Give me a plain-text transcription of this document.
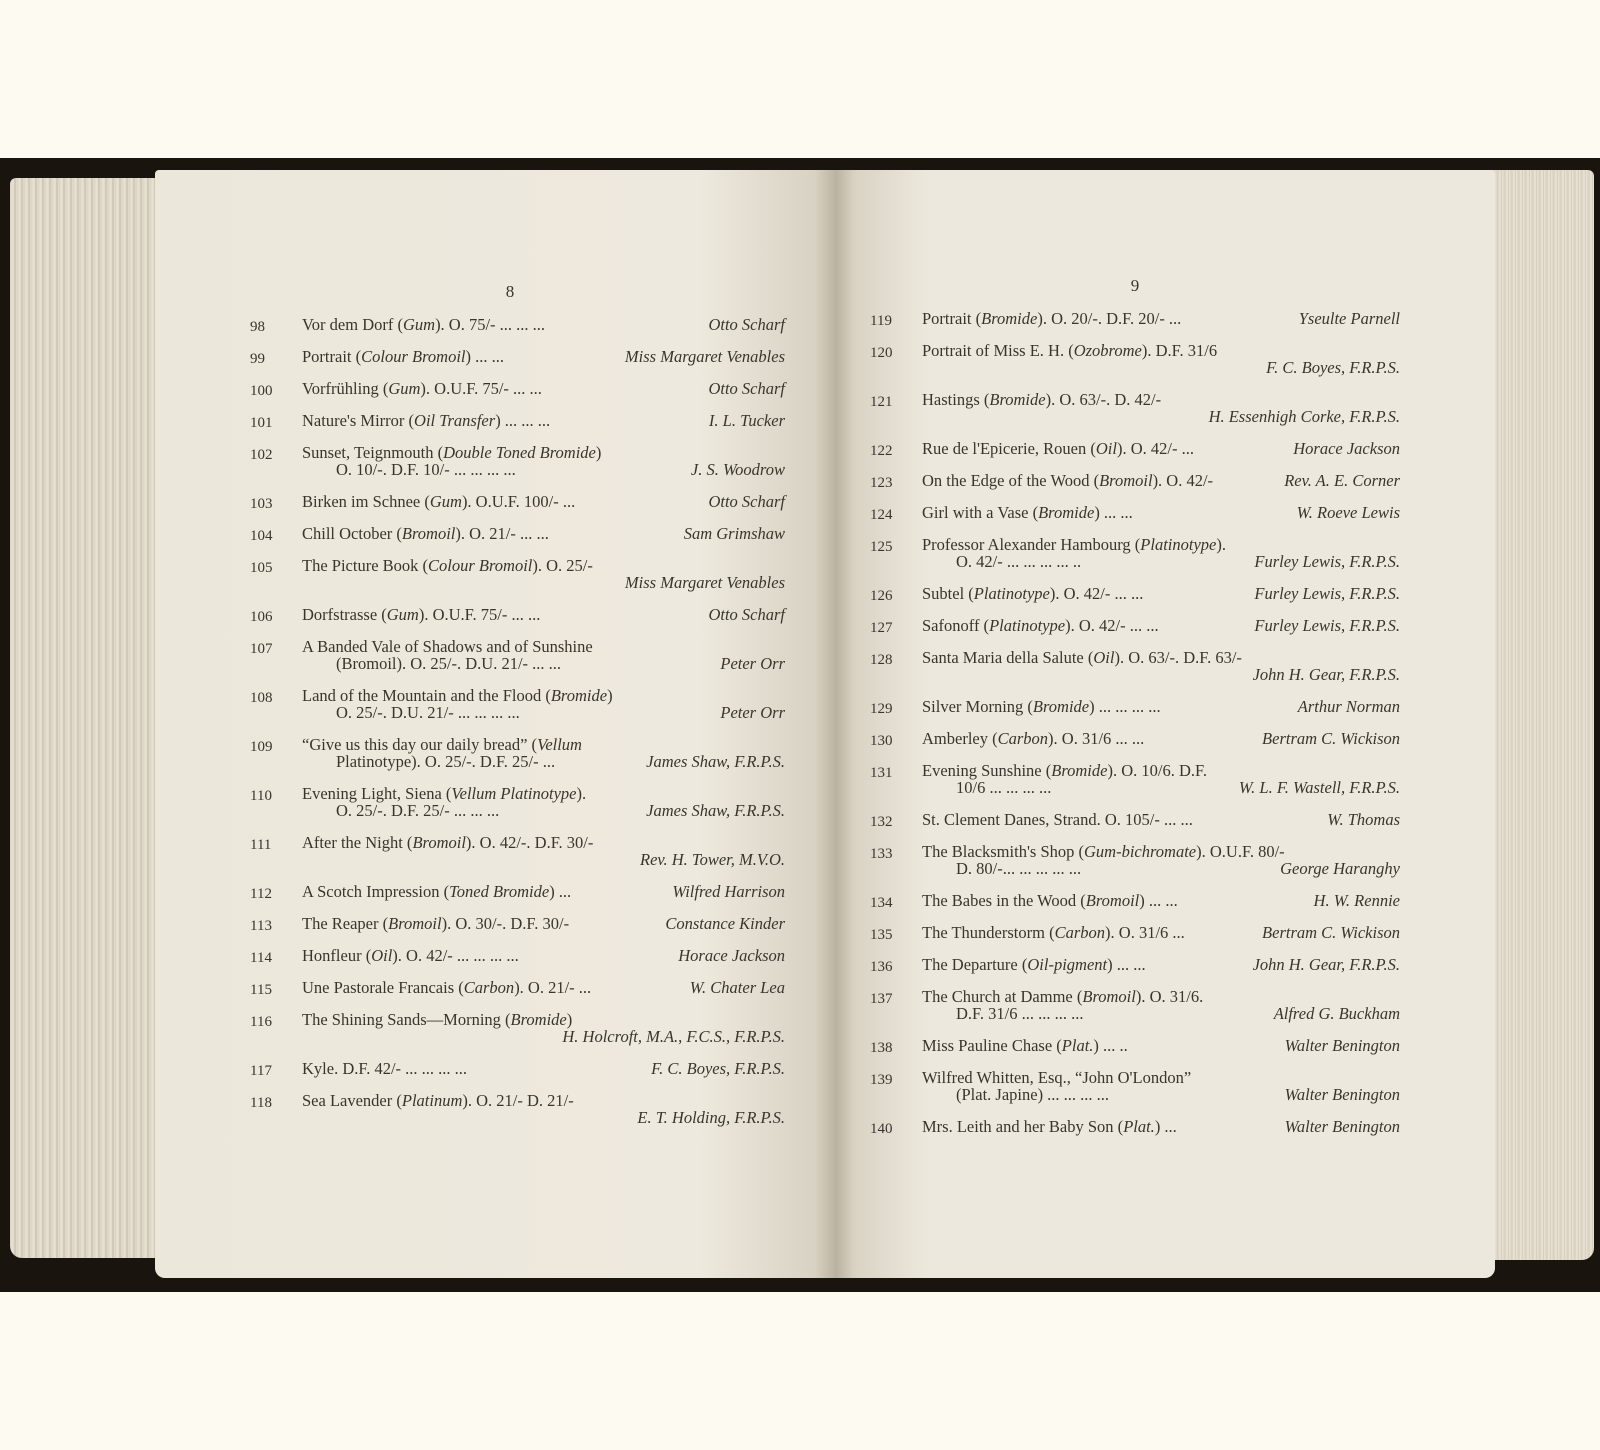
8
98 Vor dem Dorf (Gum). O. 75/- ... ... ...	Otto Scharf
99 Portrait (Colour Bromoil) ... ...	Miss Margaret Venables
100 Vorfrühling (Gum). O.U.F. 75/- ... ...	Otto Scharf
101 Nature's Mirror (Oil Transfer) ... ... ...	I. L. Tucker
102 Sunset, Teignmouth (Double Toned Bromide)
O. 10/-. D.F. 10/- ... ... ... ...	J. S. Woodrow
103 Birken im Schnee (Gum). O.U.F. 100/- ...	Otto Scharf
104 Chill October (Bromoil). O. 21/- ... ...	Sam Grimshaw
105 The Picture Book (Colour Bromoil). O. 25/-
Miss Margaret Venables
106 Dorfstrasse (Gum). O.U.F. 75/- ... ...	Otto Scharf
107 A Banded Vale of Shadows and of Sunshine
(Bromoil). O. 25/-. D.U. 21/- ... ...	Peter Orr
108 Land of the Mountain and the Flood (Bromide)
O. 25/-. D.U. 21/- ... ... ... ...	Peter Orr
109 “Give us this day our daily bread” (Vellum
Platinotype). O. 25/-. D.F. 25/- ...	James Shaw, F.R.P.S.
110 Evening Light, Siena (Vellum Platinotype).
O. 25/-. D.F. 25/- ... ... ...	James Shaw, F.R.P.S.
111 After the Night (Bromoil). O. 42/-. D.F. 30/-
Rev. H. Tower, M.V.O.
112 A Scotch Impression (Toned Bromide) ...	Wilfred Harrison
113 The Reaper (Bromoil). O. 30/-. D.F. 30/-	Constance Kinder
114 Honfleur (Oil). O. 42/- ... ... ... ...	Horace Jackson
115 Une Pastorale Francais (Carbon). O. 21/- ...	W. Chater Lea
116 The Shining Sands—Morning (Bromide)
H. Holcroft, M.A., F.C.S., F.R.P.S.
117 Kyle. D.F. 42/- ... ... ... ...	F. C. Boyes, F.R.P.S.
118 Sea Lavender (Platinum). O. 21/- D. 21/-
E. T. Holding, F.R.P.S.
9
119 Portrait (Bromide). O. 20/-. D.F. 20/- ...	Yseulte Parnell
120 Portrait of Miss E. H. (Ozobrome). D.F. 31/6
F. C. Boyes, F.R.P.S.
121 Hastings (Bromide). O. 63/-. D. 42/-
H. Essenhigh Corke, F.R.P.S.
122 Rue de l'Epicerie, Rouen (Oil). O. 42/- ...	Horace Jackson
123 On the Edge of the Wood (Bromoil). O. 42/-	Rev. A. E. Corner
124 Girl with a Vase (Bromide) ... ...	W. Roeve Lewis
125 Professor Alexander Hambourg (Platinotype).
O. 42/- ... ... ... ... ..	Furley Lewis, F.R.P.S.
126 Subtel (Platinotype). O. 42/- ... ...	Furley Lewis, F.R.P.S.
127 Safonoff (Platinotype). O. 42/- ... ...	Furley Lewis, F.R.P.S.
128 Santa Maria della Salute (Oil). O. 63/-. D.F. 63/-
John H. Gear, F.R.P.S.
129 Silver Morning (Bromide) ... ... ... ...	Arthur Norman
130 Amberley (Carbon). O. 31/6 ... ...	Bertram C. Wickison
131 Evening Sunshine (Bromide). O. 10/6. D.F.
10/6 ... ... ... ...	W. L. F. Wastell, F.R.P.S.
132 St. Clement Danes, Strand. O. 105/- ... ...	W. Thomas
133 The Blacksmith's Shop (Gum-bichromate). O.U.F. 80/-
D. 80/-... ... ... ... ...	George Haranghy
134 The Babes in the Wood (Bromoil) ... ...	H. W. Rennie
135 The Thunderstorm (Carbon). O. 31/6 ...	Bertram C. Wickison
136 The Departure (Oil-pigment) ... ...	John H. Gear, F.R.P.S.
137 The Church at Damme (Bromoil). O. 31/6.
D.F. 31/6 ... ... ... ...	Alfred G. Buckham
138 Miss Pauline Chase (Plat.) ... ..	Walter Benington
139 Wilfred Whitten, Esq., “John O'London”
(Plat. Japine) ... ... ... ...	Walter Benington
140 Mrs. Leith and her Baby Son (Plat.) ...	Walter Benington
